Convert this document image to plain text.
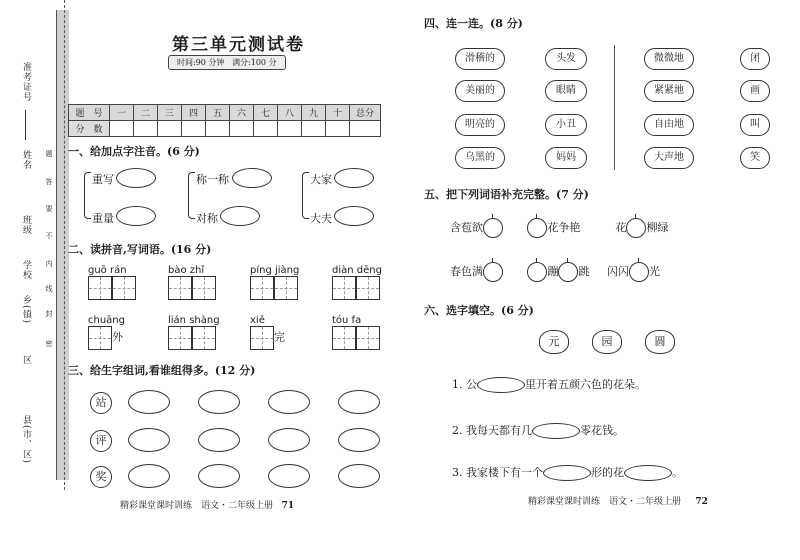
准考证号
姓名
班级
学校
乡(镇)
区
县(市、区)
密
封
线
内
不
要
答
题
第三单元测试卷
时间:90 分钟 满分:100 分
题　号	一	二	三	四	五	六	七	八	九	十	总分
分　数											
一、给加点字注音。(6 分)
重写
重量
称一称
对称
大家
大夫
二、读拼音,写词语。(16 分)
guō rán	bào zhǐ	píng jiàng	diàn dēng
chuāng
外
lián shàng	xiě
完
tóu fa
三、给生字组词,看谁组得多。(12 分)
站
评
奖
精彩课堂课时训练　语文・二年级上册 71
四、连一连。(8 分)
滑稽的
美丽的
明亮的
乌黑的
头发
眼睛
小丑
妈妈
微微地
紧紧地
自由地
大声地
闭
画
叫
笑
五、把下列词语补充完整。(7 分)
含苞欲	花争艳	花 柳绿
春色满	蹦 跳 闪闪 光
六、选字填空。(6 分)
元	园	圆
1. 公	里开着五颜六色的花朵。
2. 我每天都有几	零花钱。
3. 我家楼下有一个	形的花	。
精彩课堂课时训练　语文・二年级上册 72
